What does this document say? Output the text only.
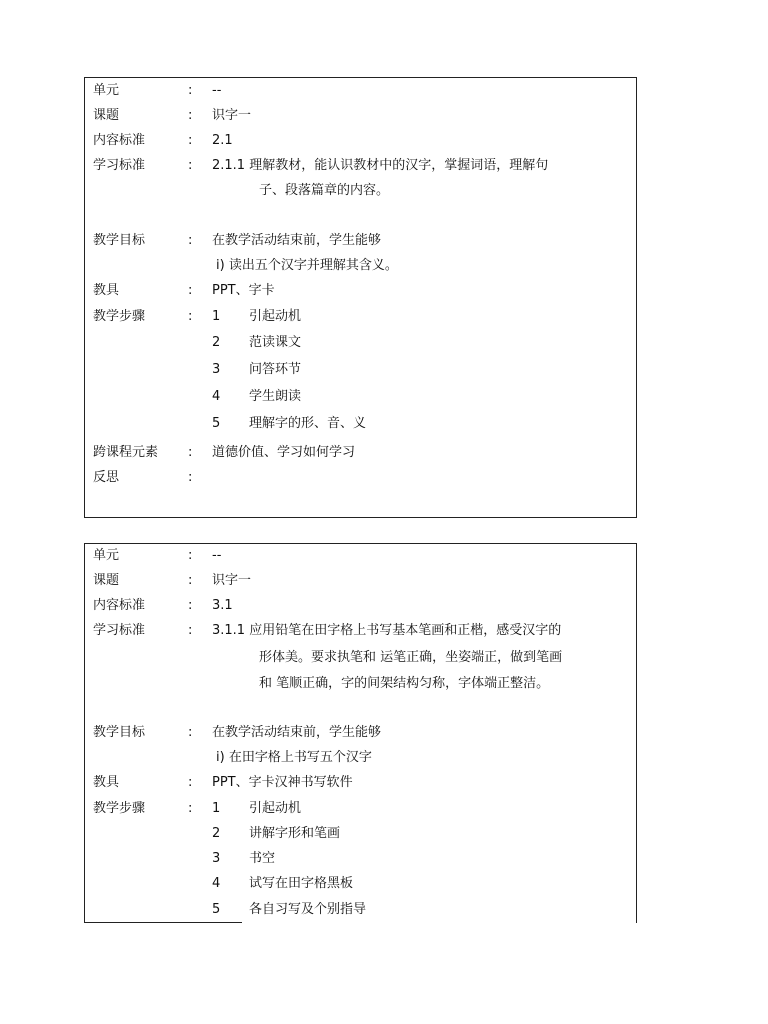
单元	: --
课题	: 识字一
内容标准	: 2.1
学习标准	: 2.1.1 理解教材，能认识教材中的汉字，掌握词语，理解句
子、段落篇章的内容。
教学目标	: 在教学活动结束前，学生能够
i) 读出五个汉字并理解其含义。
教具	: PPT、字卡
教学步骤	: 1 引起动机
2 范读课文
3 问答环节
4 学生朗读
5 理解字的形、音、义
跨课程元素 : 道德价值、学习如何学习
反思	:
单元	: --
课题	: 识字一
内容标准	: 3.1
学习标准	: 3.1.1 应用铅笔在田字格上书写基本笔画和正楷，感受汉字的
形体美。要求执笔和 运笔正确，坐姿端正，做到笔画
和 笔顺正确，字的间架结构匀称，字体端正整洁。
教学目标	: 在教学活动结束前，学生能够
i) 在田字格上书写五个汉字
教具	: PPT、字卡汉神书写软件
教学步骤	: 1 引起动机
2 讲解字形和笔画
3 书空
4 试写在田字格黑板
5 各自习写及个别指导
